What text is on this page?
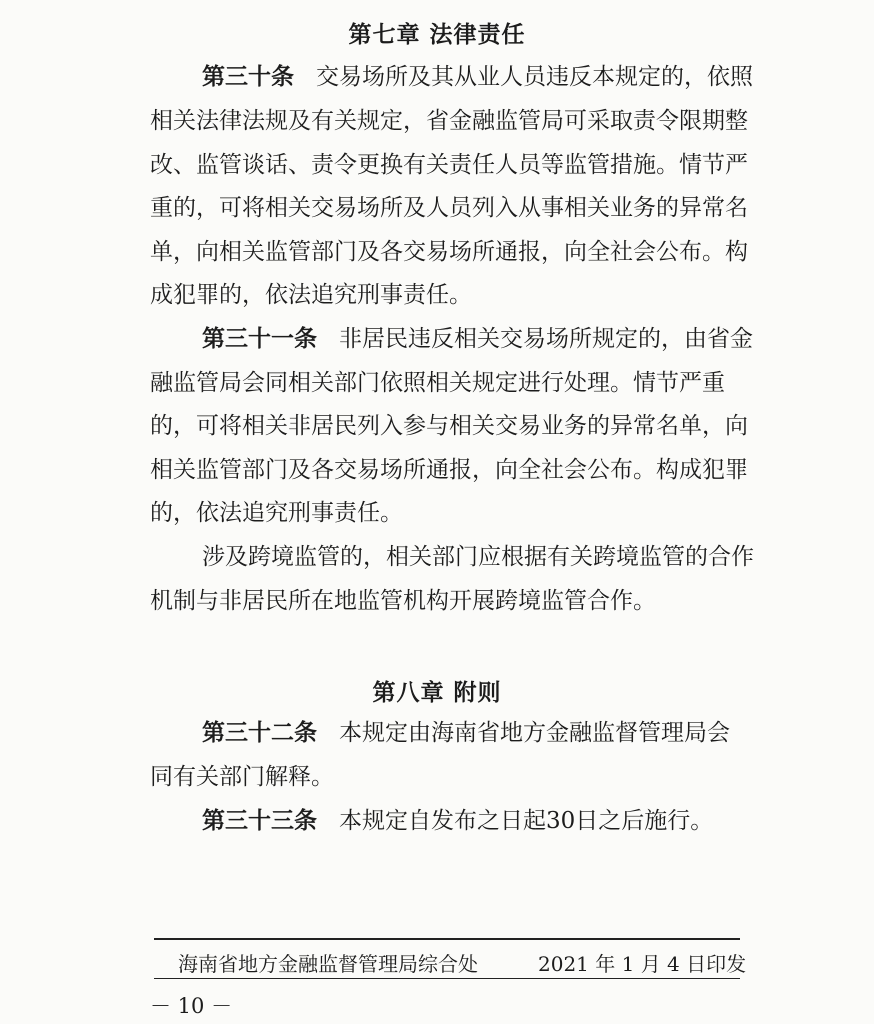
第七章 法律责任
第三十条 交易场所及其从业人员违反本规定的，依照
相关法律法规及有关规定，省金融监管局可采取责令限期整
改、监管谈话、责令更换有关责任人员等监管措施。情节严
重的，可将相关交易场所及人员列入从事相关业务的异常名
单，向相关监管部门及各交易场所通报，向全社会公布。构
成犯罪的，依法追究刑事责任。
第三十一条 非居民违反相关交易场所规定的，由省金
融监管局会同相关部门依照相关规定进行处理。情节严重
的，可将相关非居民列入参与相关交易业务的异常名单，向
相关监管部门及各交易场所通报，向全社会公布。构成犯罪
的，依法追究刑事责任。
涉及跨境监管的，相关部门应根据有关跨境监管的合作
机制与非居民所在地监管机构开展跨境监管合作。
第八章 附则
第三十二条 本规定由海南省地方金融监督管理局会
同有关部门解释。
第三十三条 本规定自发布之日起30日之后施行。
海南省地方金融监督管理局综合处	2021 年 1 月 4 日印发
－ 10 －
